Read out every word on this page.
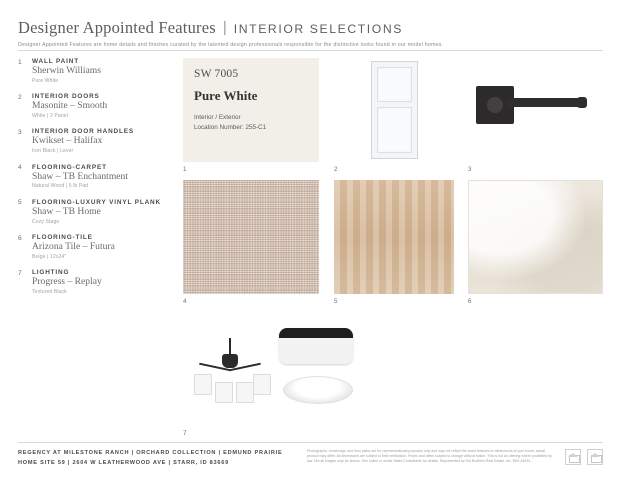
Designer Appointed Features | INTERIOR SELECTIONS
Designer Appointed Features are home details and finishes curated by the talented design professionals responsible for the distinctive looks found in our model homes.
1 WALL PAINT
Sherwin Williams
Pure White
2 INTERIOR DOORS
Masonite – Smooth
White | 2 Panel
3 INTERIOR DOOR HANDLES
Kwikset – Halifax
Iron Black | Lever
4 FLOORING-CARPET
Shaw – TB Enchantment
Natural Wood | 5 lb Pad
5 FLOORING-LUXURY VINYL PLANK
Shaw – TB Home
Cozy Stage
6 FLOORING-TILE
Arizona Tile – Futura
Beige | 12x24"
7 LIGHTING
Progress – Replay
Textured Black
SW 7005
Pure White
Interior / Exterior
Location Number: 255-C1
1	2	3
4	5	6
7
REGENCY AT MILESTONE RANCH | ORCHARD COLLECTION | EDMUND PRAIRIE
HOME SITE 59 | 2604 W LEATHERWOOD AVE | STARR, ID 83669
Photographs, renderings, and floor plans are for representational purposes only and may not reflect the exact features or dimensions of your home; actual product may differ. All dimensions are subject to field verification. Prices and offers subject to change without notice. This is not an offering where prohibited by law. Not all images may be shown. See online or onsite Sales Consultants for details. Represented by Toll Brothers Real Estate, Inc. RE# 43034.
